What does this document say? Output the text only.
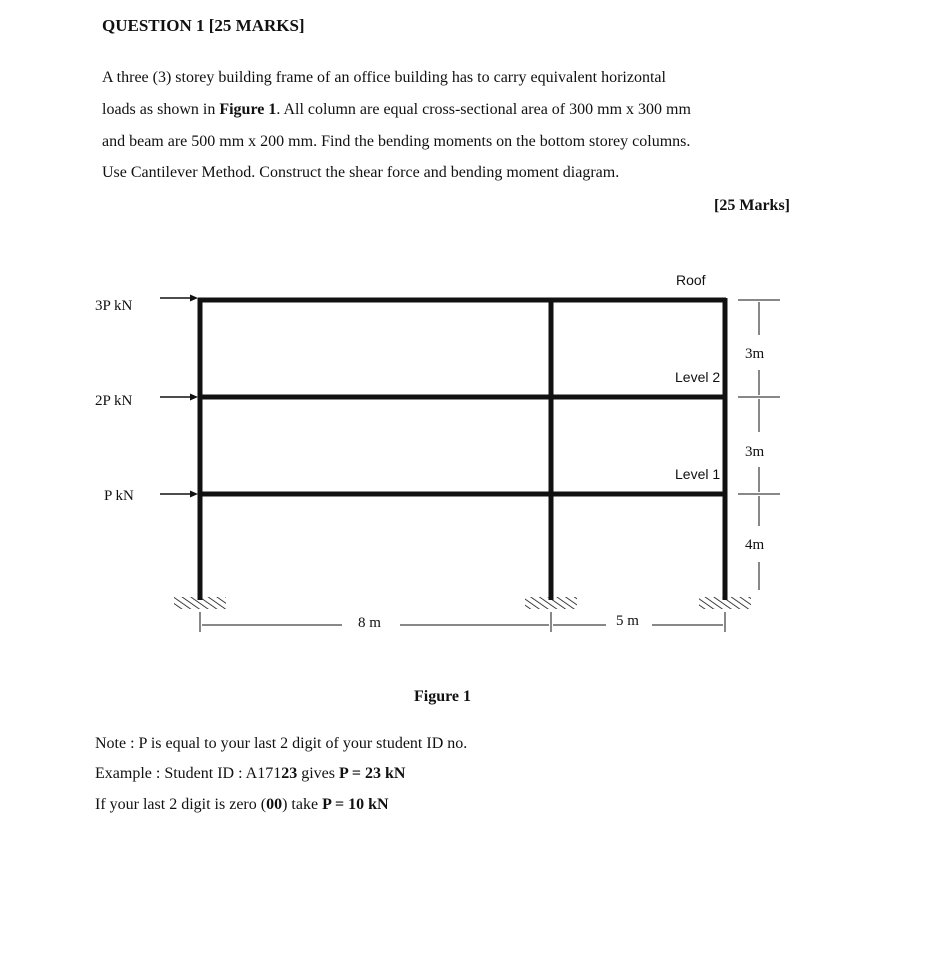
QUESTION 1 [25 MARKS]

A three (3) storey building frame of an office building has to carry equivalent horizontal

loads as shown in Figure 1. All column are equal cross-sectional area of 300 mm x 300 mm

and beam are 500 mm x 200 mm. Find the bending moments on the bottom storey columns.

Use Cantilever Method. Construct the shear force and bending moment diagram.

[25 Marks]

3P kN
2P kN
P kN
Roof
Level 2
Level 1
3m
3m
4m
8 m	5 m
Figure 1

Note : P is equal to your last 2 digit of your student ID no.

Example : Student ID : A17123 gives P = 23 kN

If your last 2 digit is zero (00) take P = 10 kN
